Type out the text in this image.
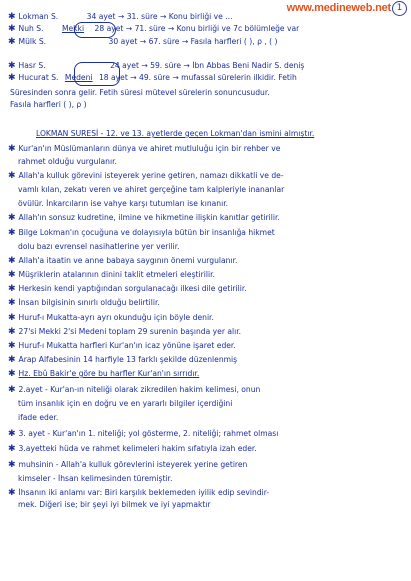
www.medineweb.net 1
✱ Lokman S.	34 ayet → 31. süre → Konu birliği ve ...
✱ Nuh S. Mekki 28 ayet → 71. süre → Konu birliği ve 7c bölümleğe var
✱ Mülk S.	30 ayet → 67. süre → Fasıla harfleri ( ), ρ , ( )
✱ Hasr S.	24 ayet → 59. süre → İbn Abbas Beni Nadir S. deniş
✱ Hucurat S. Medeni 18 ayet → 49. süre → mufassal sürelerin ilkidir. Fetih
Süresinden sonra gelir. Fetih süresi mütevel sürelerin sonuncusudur.
Fasıla harfleri ( ), ρ )
LOKMAN SURESİ - 12. ve 13. ayetlerde geçen Lokman'dan ismini almıştır.
✱ Kur'an'ın Müslümanların dünya ve ahiret mutluluğu için bir rehber ve
rahmet olduğu vurgulanır.
✱ Allah'a kulluk görevini isteyerek yerine getiren, namazı dikkatli ve de-
vamlı kılan, zekatı veren ve ahiret gerçeğine tam kalpleriyle inananlar
övülür. İnkarcıların ise vahye karşı tutumları ise kınanır.
✱ Allah'ın sonsuz kudretine, ilmine ve hikmetine ilişkin kanıtlar getirilir.
✱ Bilge Lokman'ın çocuğuna ve dolayısıyla bütün bir insanlığa hikmet
dolu bazı evrensel nasihatlerine yer verilir.
✱ Allah'a itaatin ve anne babaya saygının önemi vurgulanır.
✱ Müşriklerin atalarının dinini taklit etmeleri eleştirilir.
✱ Herkesin kendi yaptığından sorgulanacağı ilkesi dile getirilir.
✱ İnsan bilgisinin sınırlı olduğu belirtilir.
✱ Huruf-ı Mukatta-ayrı ayrı okunduğu için böyle denir.
✱ 27'si Mekki 2'si Medeni toplam 29 surenin başında yer alır.
✱ Huruf-ı Mukatta harfleri Kur'an'ın icaz yönüne işaret eder.
✱ Arap Alfabesinin 14 harfiyle 13 farklı şekilde düzenlenmiş
✱ Hz. Ebû Bakir'e göre bu harfler Kur'an'ın sırrıdır.
✱ 2.ayet - Kur'an-ın niteliği olarak zikredilen hakim kelimesi, onun
tüm insanlık için en doğru ve en yararlı bilgiler içerdiğini
ifade eder.
✱ 3. ayet - Kur'an'ın 1. niteliği; yol gösterme, 2. niteliği; rahmet olması
✱ 3.ayetteki hüda ve rahmet kelimeleri hakim sıfatıyla izah eder.
✱ muhsinin - Allah'a kulluk görevlerini isteyerek yerine getiren
kimseler - İhsan kelimesinden türemiştir.
✱ İhsanın iki anlamı var: Biri karşılık beklemeden iyilik edip sevindir-
mek. Diğeri ise; bir şeyi iyi bilmek ve iyi yapmaktır
